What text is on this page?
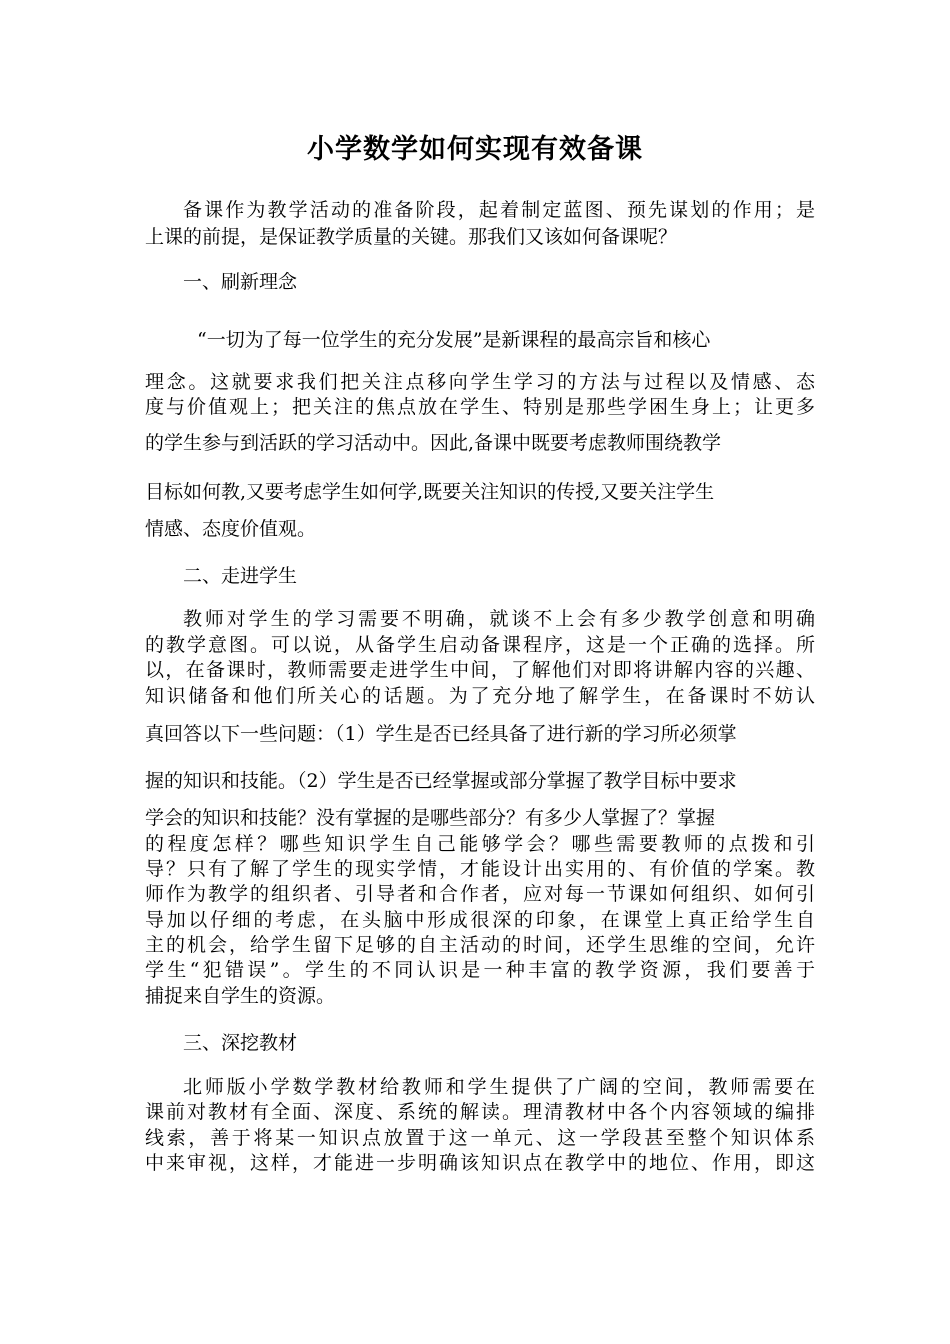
小学数学如何实现有效备课

备课作为教学活动的准备阶段，起着制定蓝图、预先谋划的作用；是

上课的前提，是保证教学质量的关键。那我们又该如何备课呢？

一、刷新理念

“一切为了每一位学生的充分发展”是新课程的最高宗旨和核心

理念。这就要求我们把关注点移向学生学习的方法与过程以及情感、态

度与价值观上；把关注的焦点放在学生、特别是那些学困生身上；让更多

的学生参与到活跃的学习活动中。因此,备课中既要考虑教师围绕教学

目标如何教,又要考虑学生如何学,既要关注知识的传授,又要关注学生

情感、态度价值观。

二、走进学生

教师对学生的学习需要不明确，就谈不上会有多少教学创意和明确

的教学意图。可以说，从备学生启动备课程序，这是一个正确的选择。所

以，在备课时，教师需要走进学生中间，了解他们对即将讲解内容的兴趣、

知识储备和他们所关心的话题。为了充分地了解学生，在备课时不妨认

真回答以下一些问题：（1）学生是否已经具备了进行新的学习所必须掌

握的知识和技能。（2）学生是否已经掌握或部分掌握了教学目标中要求

学会的知识和技能？没有掌握的是哪些部分？有多少人掌握了？掌握

的程度怎样？哪些知识学生自己能够学会？哪些需要教师的点拨和引

导？只有了解了学生的现实学情，才能设计出实用的、有价值的学案。教

师作为教学的组织者、引导者和合作者，应对每一节课如何组织、如何引

导加以仔细的考虑，在头脑中形成很深的印象，在课堂上真正给学生自

主的机会，给学生留下足够的自主活动的时间，还学生思维的空间，允许

学生“犯错误”。学生的不同认识是一种丰富的教学资源，我们要善于

捕捉来自学生的资源。

三、深挖教材

北师版小学数学教材给教师和学生提供了广阔的空间，教师需要在

课前对教材有全面、深度、系统的解读。理清教材中各个内容领域的编排

线索，善于将某一知识点放置于这一单元、这一学段甚至整个知识体系

中来审视，这样，才能进一步明确该知识点在教学中的地位、作用，即这
